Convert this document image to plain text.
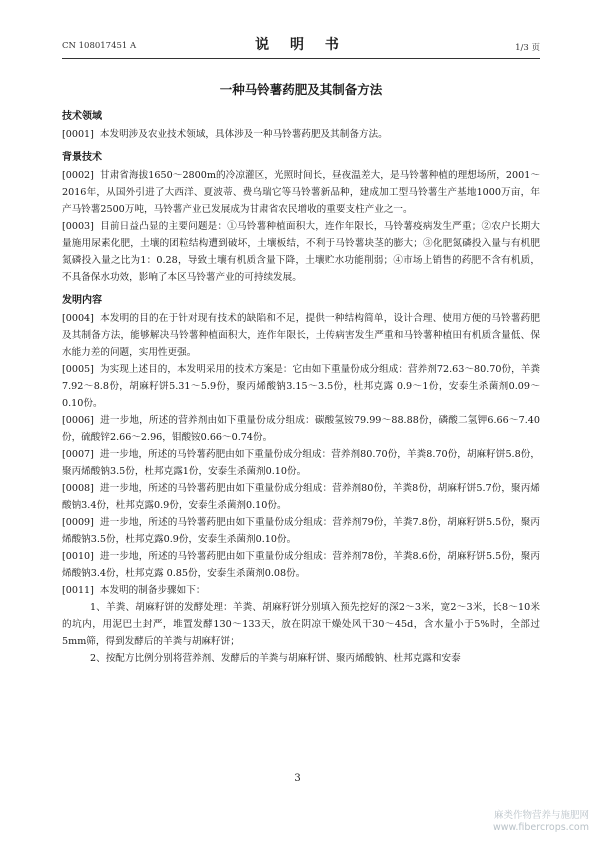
CN 108017451 A	说 明 书	1/3 页
一种马铃薯药肥及其制备方法
技术领域

[0001] 本发明涉及农业技术领域，具体涉及一种马铃薯药肥及其制备方法。

背景技术

[0002] 甘肃省海拔1650～2800m的冷凉灌区，光照时间长，昼夜温差大，是马铃薯种植的理想场所，2001～2016年，从国外引进了大西洋、夏波蒂、费乌瑞它等马铃薯新品种，建成加工型马铃薯生产基地1000万亩，年产马铃薯2500万吨，马铃薯产业已发展成为甘肃省农民增收的重要支柱产业之一。

[0003] 目前日益凸显的主要问题是：①马铃薯种植面积大，连作年限长，马铃薯疫病发生严重；②农户长期大量施用尿素化肥，土壤的团粒结构遭到破坏，土壤板结，不利于马铃薯块茎的膨大；③化肥氮磷投入量与有机肥氮磷投入量之比为1：0.28，导致土壤有机质含量下降，土壤贮水功能削弱；④市场上销售的药肥不含有机质，不具备保水功效，影响了本区马铃薯产业的可持续发展。

发明内容

[0004] 本发明的目的在于针对现有技术的缺陷和不足，提供一种结构简单，设计合理、使用方便的马铃薯药肥及其制备方法，能够解决马铃薯种植面积大，连作年限长，土传病害发生严重和马铃薯种植田有机质含量低、保水能力差的问题，实用性更强。

[0005] 为实现上述目的，本发明采用的技术方案是：它由如下重量份成分组成：营养剂72.63～80.70份，羊粪7.92～8.8份，胡麻籽饼5.31～5.9份，聚丙烯酸钠3.15～3.5份，杜邦克露 0.9～1份，安泰生杀菌剂0.09～0.10份。

[0006] 进一步地，所述的营养剂由如下重量份成分组成：碳酸氢铵79.99～88.88份，磷酸二氢钾6.66～7.40份，硫酸锌2.66～2.96，钼酸铵0.66～0.74份。

[0007] 进一步地，所述的马铃薯药肥由如下重量份成分组成：营养剂80.70份，羊粪8.70份，胡麻籽饼5.8份，聚丙烯酸钠3.5份，杜邦克露1份，安泰生杀菌剂0.10份。

[0008] 进一步地，所述的马铃薯药肥由如下重量份成分组成：营养剂80份，羊粪8份，胡麻籽饼5.7份，聚丙烯酸钠3.4份，杜邦克露0.9份，安泰生杀菌剂0.10份。

[0009] 进一步地，所述的马铃薯药肥由如下重量份成分组成：营养剂79份，羊粪7.8份，胡麻籽饼5.5份，聚丙烯酸钠3.5份，杜邦克露0.9份，安泰生杀菌剂0.10份。

[0010] 进一步地，所述的马铃薯药肥由如下重量份成分组成：营养剂78份，羊粪8.6份，胡麻籽饼5.5份，聚丙烯酸钠3.4份，杜邦克露 0.85份，安泰生杀菌剂0.08份。

[0011] 本发明的制备步骤如下：

1、羊粪、胡麻籽饼的发酵处理：羊粪、胡麻籽饼分别填入预先挖好的深2～3米，宽2～3米，长8～10米的坑内，用泥巴土封严，堆置发酵130～133天，放在阴凉干燥处风干30～45d，含水量小于5%时，全部过5mm筛，得到发酵后的羊粪与胡麻籽饼；

2、按配方比例分别将营养剂、发酵后的羊粪与胡麻籽饼、聚丙烯酸钠、杜邦克露和安泰

3
麻类作物营养与施肥网
www.fibercrops.com
